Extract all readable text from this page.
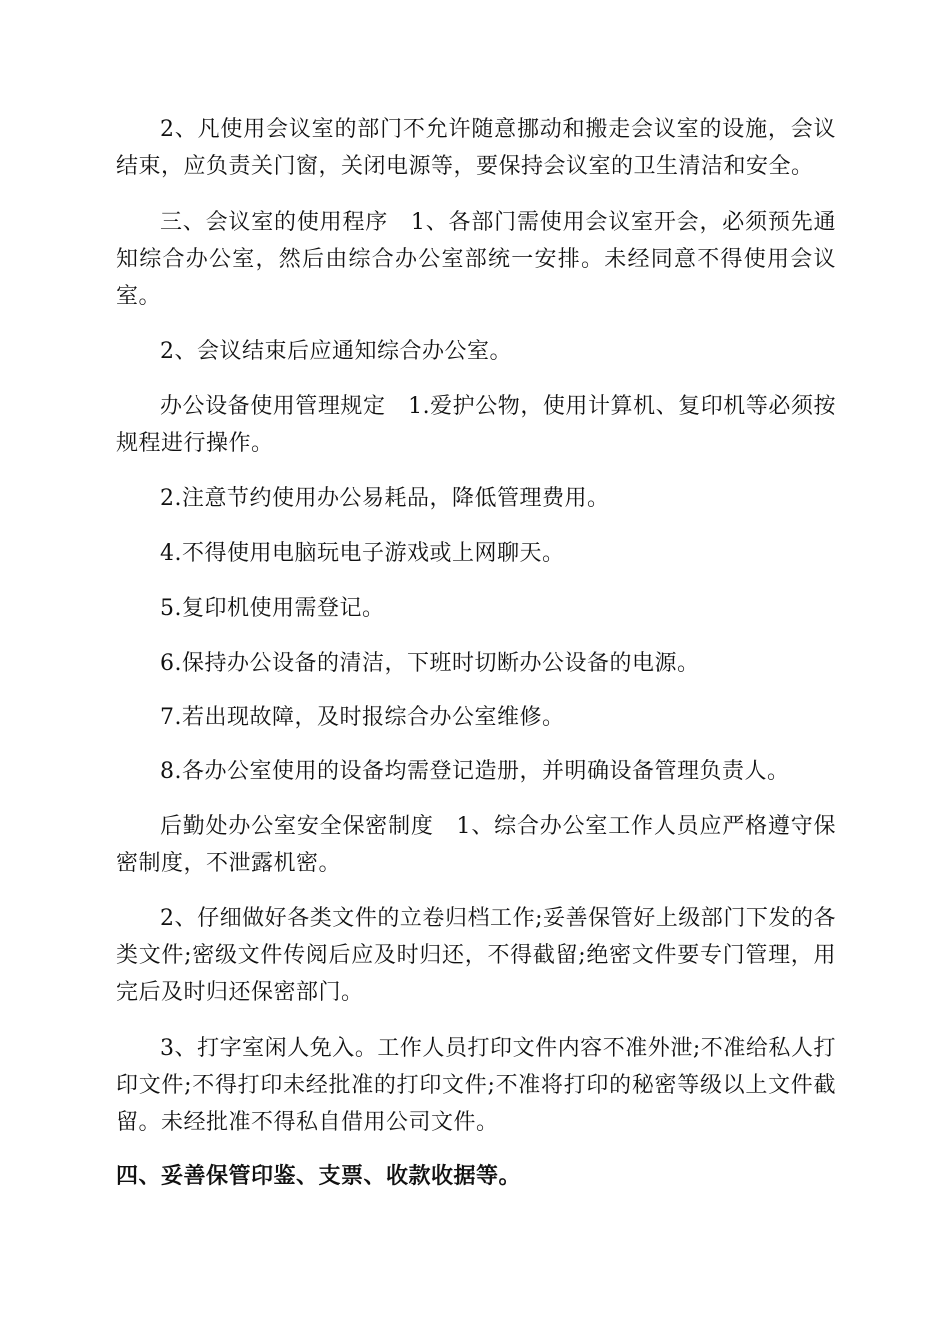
2、凡使用会议室的部门不允许随意挪动和搬走会议室的设施，会议结束，应负责关门窗，关闭电源等，要保持会议室的卫生清洁和安全。

三、会议室的使用程序　1、各部门需使用会议室开会，必须预先通知综合办公室，然后由综合办公室部统一安排。未经同意不得使用会议室。

2、会议结束后应通知综合办公室。

办公设备使用管理规定　1.爱护公物，使用计算机、复印机等必须按规程进行操作。

2.注意节约使用办公易耗品，降低管理费用。

4.不得使用电脑玩电子游戏或上网聊天。

5.复印机使用需登记。

6.保持办公设备的清洁，下班时切断办公设备的电源。

7.若出现故障，及时报综合办公室维修。

8.各办公室使用的设备均需登记造册，并明确设备管理负责人。

后勤处办公室安全保密制度　1、综合办公室工作人员应严格遵守保密制度，不泄露机密。

2、仔细做好各类文件的立卷归档工作;妥善保管好上级部门下发的各类文件;密级文件传阅后应及时归还，不得截留;绝密文件要专门管理，用完后及时归还保密部门。

3、打字室闲人免入。工作人员打印文件内容不准外泄;不准给私人打印文件;不得打印未经批准的打印文件;不准将打印的秘密等级以上文件截留。未经批准不得私自借用公司文件。

四、妥善保管印鉴、支票、收款收据等。
